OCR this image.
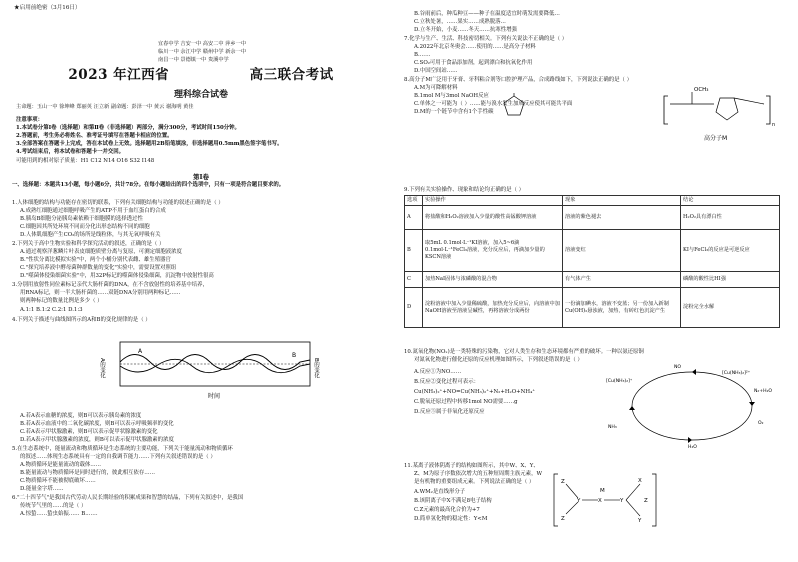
★启用前绝密（3月16日）
宜春中学 吉安一中 高安二中 萍乡一中
临川一中 余江中学 赣州中学 新余一中
南昌一中 景德镇一中 贵溪中学
2023 年江西省	高三联合考试
理科综合试卷
主命题：玉山一中 徐坤峰 郑丽英 汪立新 副命题：彭泽一中 黄云 谢海明 黄佳
注意事项：
1.本试卷分第Ⅰ卷（选择题）和第Ⅱ卷（非选择题）两部分，满分300分，考试时间150分钟。
2.答题前，考生务必将姓名、准考证号填写在答题卡相应的位置。
3.全部答案在答题卡上完成，答在本试卷上无效。选择题用2B铅笔填涂，非选择题用0.5mm黑色签字笔书写。
4.考试结束后，将本试卷和答题卡一并交回。
可能用到的相对原子质量：H1 C12 N14 O16 S32 I148
第Ⅰ卷
一、选择题：本题共13小题，每小题6分，共计78分。在每小题给出的四个选项中，只有一项是符合题目要求的。
1.人体细胞的结构与功能存在密切的联系，下列有关细胞结构与功能的叙述正确的是（ ）
A.成熟红细胞通过细胞呼吸产生的ATP不用于血红蛋白的合成
B.胰岛B细胞分泌胰岛素依赖于细胞膜的选择透过性
C.细胞因其所处环境不同而分化出形态结构不同的细胞
D.人体肌细胞产生CO₂的场所是线粒体，与其无氧呼吸有关
2.下列关于高中生物实验和科学探究活动的叙述，正确的是（ ）
A.通过观察洋葱鳞片叶表皮细胞质壁分离与复原，可测定细胞液浓度
B."性状分离比模拟实验"中，两个小桶分别代表雌、雄生殖器官
C."探究培养液中酵母菌种群数量的变化"实验中，需要设置对照组
D."噬菌体侵染细菌实验"中，用32P标记的噬菌体侵染细菌，沉淀物中放射性很高
3.分别用放射性同位素标记亲代大肠杆菌的DNA，在不含放射性的培养基中培养，
用RNA标记，则一半大肠杆菌的……双链DNA分别用两种标记……
则两种标记的数量比例是多少（ ）
A.1:1 B.1:2 C.2:1 D.1:3
4.下列关于描述与曲线图所示的A和B的变化规律的是（ ）
A
B
A的变化	B的变化
时间
A.若A表示血糖的浓度，则B可以表示胰岛素的浓度
B.若A表示血液中的二氧化碳浓度，则B可以表示呼吸频率的变化
C.若A表示甲状腺激素，则B可以表示促甲状腺激素的变化
D.若A表示甲状腺激素的浓度，则B可以表示促甲状腺激素的浓度
5.在生态系统中，能量流动和物质循环是生态系统的主要功能，下列关于能量流动和物质循环
的叙述……体现生态系统具有一定的自我调节能力……下列有关叙述错误的是（ ）
A.物质循环是能量流动的载体……
B.能量流动与物质循环是同时进行的，彼此相互依存……
C.物质循环不能被彻底破坏……
D.能量金字塔……
6."二十四节气"是我国古代劳动人民长期经验的积累成果和智慧的结晶，下列有关叙述中，是我国
传统节气里的……的是（ ）
A.惊蛰……蛰虫始振…… B.……
B.谷雨前后，种瓜种豆——种子在温度适宜时萌发需要降低…
C.立秋处暑，……果实……成熟脱落…
D.立冬开始，小麦……冬天……抗寒性增强
7.化学与生产、生活、科技密切相关。下列有关说法不正确的是（ ）
A.2022年北京冬奥会……使用的……是高分子材料
B.……
C.SO₂可用于食品添加剂，起到漂白和抗氧化作用
D.中国空间站……
8.高分子M广泛用于牙膏、牙科粘合剂等口腔护理产品，合成路线如下，下列说法正确的是（ ）
A.M为可降解材料
B.1mol M与3mol NaOH反应
C.单体之一可能为（ ）……能与溴水发生加成反应使其可能共平面
D.M的一个链节中含有1个手性碳
OCH₃
n
高分子M
9.下列有关实验操作、现象和结论均正确的是（ ）
选项	实验操作	现象	结论
A	将盐酸和H₂O₂溶液加入少量的酸性高锰酸钾溶液	溶液的紫色褪去	H₂O₂具有漂白性
B	取5mL 0.1mol·L⁻¹KI溶液，加入5~6滴0.1mol·L⁻¹FeCl₃溶液，充分反应后，再滴加少量的KSCN溶液	溶液变红	KI与FeCl₃的反应是可逆反应
C	加热NaI固体与浓磷酸的混合物	有气体产生	磷酸的酸性比HI强
D	淀粉溶液中加入少量稀硫酸，加热充分反应后，向溶液中加NaOH溶液至溶液呈碱性，再将溶液分成两份	一份滴加碘水，溶液不变蓝；另一份加入新制Cu(OH)₂悬浊液，加热，有砖红色沉淀产生	淀粉完全水解
10.氮氧化物(NOₓ)是一类特殊的污染物，它对人类生存和生态环境都有严重的破坏。一种以氨还原铜
对氮氧化物进行催化还原的反应机理如图所示，下列叙述错误的是（ ）
A.反应①为NO……
B.反应②变化过程可表示：
Cu(NH₃)₂⁺+NO=Cu(NH₃)₂⁺+N₂+H₂O+NH₄⁺
C.脱氧还原过程中转移1mol NO需要……g
D.反应⑤属于非氧化还原反应
[Cu(NH₃)₂]⁺
[Cu(NH₃)₂]²⁺
N₂+H₂O
NO
O₂
NH₃
H₂O
11.某离子液体阴离子的结构如图所示，其中W、X、Y、
Z、M为原子序数依次增大的五种短周期主族元素，W
是有机物的重要组成元素。下列说法正确的是（ ）
A.WM₂是直线形分子
B.该阴离子中X不满足8电子结构
C.Z元素的最高化合价为+7
D.简单氢化物的稳定性：Y<M
Z
Z
Y	X	Y
X
Y
M
Z
